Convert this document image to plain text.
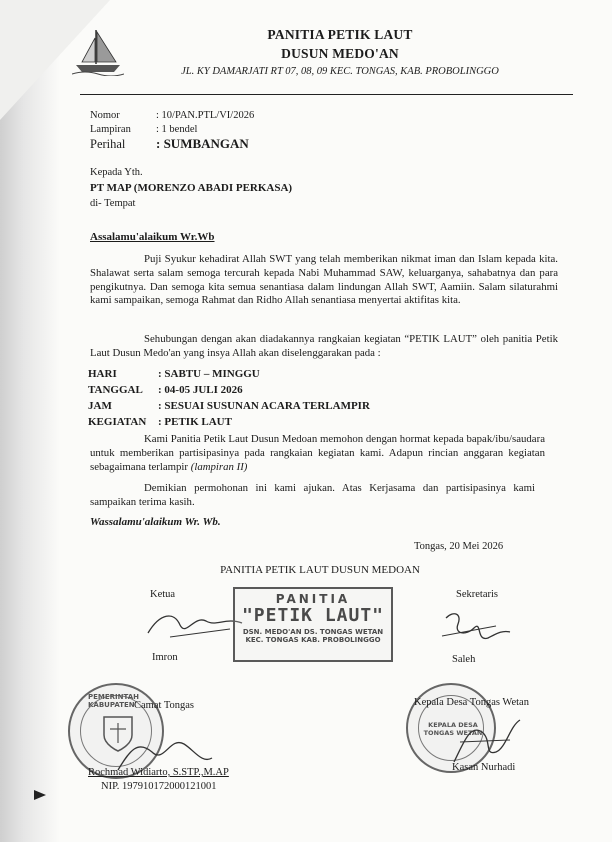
PANITIA PETIK LAUT
DUSUN MEDO'AN
JL. KY DAMARJATI RT 07, 08, 09 KEC. TONGAS, KAB. PROBOLINGGO
Nomor	: 10/PAN.PTL/VI/2026
Lampiran : 1 bendel
Perihal : SUMBANGAN
Kepada Yth.
PT MAP (MORENZO ABADI PERKASA)
di- Tempat
Assalamu'alaikum Wr.Wb
Puji Syukur kehadirat Allah SWT yang telah memberikan nikmat iman dan Islam kepada kita. Shalawat serta salam semoga tercurah kepada Nabi Muhammad SAW, keluarganya, sahabatnya dan para pengikutnya. Dan semoga kita semua senantiasa dalam lindungan Allah SWT, Aamiin. Salam silaturahmi kami sampaikan, semoga Rahmat dan Ridho Allah senantiasa menyertai aktifitas kita.
Sehubungan dengan akan diadakannya rangkaian kegiatan “PETIK LAUT” oleh panitia Petik Laut Dusun Medo'an yang insya Allah akan diselenggarakan pada :
HARI	: SABTU – MINGGU
TANGGAL : 04-05 JULI 2026
JAM	: SESUAI SUSUNAN ACARA TERLAMPIR
KEGIATAN : PETIK LAUT
Kami Panitia Petik Laut Dusun Medoan memohon dengan hormat kepada bapak/ibu/saudara untuk memberikan partisipasinya pada rangkaian kegiatan kami. Adapun rincian anggaran kegiatan sebagaimana terlampir (lampiran II)
Demikian permohonan ini kami ajukan. Atas Kerjasama dan partisipasinya kami sampaikan terima kasih.
Wassalamu'alaikum Wr. Wb.
Tongas, 20 Mei 2026
PANITIA PETIK LAUT DUSUN MEDOAN
Ketua
Imron
PANITIA
"PETIK LAUT"
DSN. MEDO'AN DS. TONGAS WETAN
KEC. TONGAS KAB. PROBOLINGGO
Sekretaris
Saleh
PEMERINTAH KABUPATEN Camat Tongas
Rochmad Widiarto, S.STP.,M.AP
NIP. 197910172000121001
KEPALA DESA TONGAS WETAN
Kepala Desa Tongas Wetan
Kasan Nurhadi
